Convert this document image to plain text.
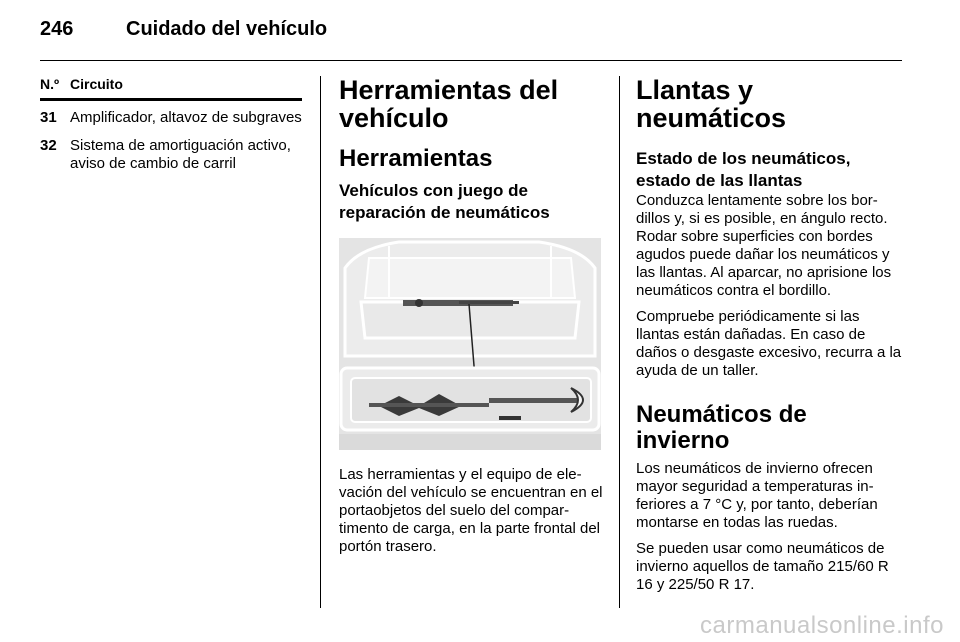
246	Cuidado del vehículo
N.º Circuito
31 Amplificador, altavoz de subgraves
32 Sistema de amortiguación activo, aviso de cambio de carril
Herramientas del vehículo
Herramientas
Vehículos con juego de reparación de neumáticos

Las herramientas y el equipo de ele-vación del vehículo se encuentran en el portaobjetos del suelo del compar-timento de carga, en la parte frontal del portón trasero.

Llantas y neumáticos
Estado de los neumáticos, estado de las llantas

Conduzca lentamente sobre los bor-dillos y, si es posible, en ángulo recto. Rodar sobre superficies con bordes agudos puede dañar los neumáticos y las llantas. Al aparcar, no aprisione los neumáticos contra el bordillo.

Compruebe periódicamente si las llantas están dañadas. En caso de daños o desgaste excesivo, recurra a la ayuda de un taller.

Neumáticos de invierno

Los neumáticos de invierno ofrecen mayor seguridad a temperaturas in-feriores a 7 °C y, por tanto, deberían montarse en todas las ruedas.

Se pueden usar como neumáticos de invierno aquellos de tamaño 215/60 R 16 y 225/50 R 17.

carmanualsonline.info
